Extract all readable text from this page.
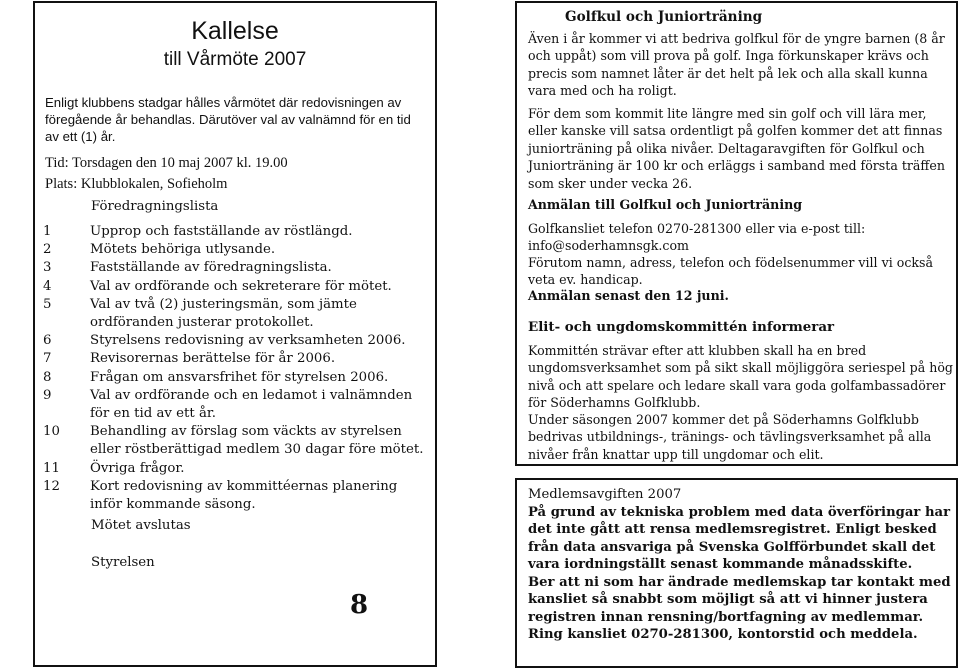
Kallelse
till Vårmöte 2007
Enligt klubbens stadgar hålles vårmötet där redovisningen av föregående år behandlas. Därutöver val av valnämnd för en tid av ett (1) år.
Tid: Torsdagen den 10 maj 2007 kl. 19.00
Plats: Klubblokalen, Sofieholm
Föredragningslista
1	Upprop och fastställande av röstlängd.
2	Mötets behöriga utlysande.
3	Fastställande av föredragningslista.
4	Val av ordförande och sekreterare för mötet.
5	Val av två (2) justeringsmän, som jämte ordföranden justerar protokollet.
6	Styrelsens redovisning av verksamheten 2006.
7	Revisorernas berättelse för år 2006.
8	Frågan om ansvarsfrihet för styrelsen 2006.
9	Val av ordförande och en ledamot i valnämnden för en tid av ett år.
10	Behandling av förslag som väckts av styrelsen eller röstberättigad medlem 30 dagar före mötet.
11	Övriga frågor.
12	Kort redovisning av kommittéernas planering inför kommande säsong.
Mötet avslutas
Styrelsen
8
Golfkul och Juniorträning
Även i år kommer vi att bedriva golfkul för de yngre barnen (8 år och uppåt) som vill prova på golf. Inga förkunskaper krävs och precis som namnet låter är det helt på lek och alla skall kunna vara med och ha roligt.
För dem som kommit lite längre med sin golf och vill lära mer, eller kanske vill satsa ordentligt på golfen kommer det att finnas juniorträning på olika nivåer. Deltagaravgiften för Golfkul och Juniorträning är 100 kr och erläggs i samband med första träffen som sker under vecka 26.
Anmälan till Golfkul och Juniorträning
Golfkansliet telefon 0270-281300 eller via e-post till: info@soderhamnsgk.com
Förutom namn, adress, telefon och födelsenummer vill vi också veta ev. handicap.
Anmälan senast den 12 juni.
Elit- och ungdomskommittén informerar
Kommittén strävar efter att klubben skall ha en bred ungdomsverksamhet som på sikt skall möjliggöra seriespel på hög nivå och att spelare och ledare skall vara goda golfambassadörer för Söderhamns Golfklubb.
Under säsongen 2007 kommer det på Söderhamns Golfklubb bedrivas utbildnings-, tränings- och tävlingsverksamhet på alla nivåer från knattar upp till ungdomar och elit.
Medlemsavgiften 2007
På grund av tekniska problem med data överföringar har det inte gått att rensa medlemsregistret. Enligt besked från data ansvariga på Svenska Golfförbundet skall det vara iordningställt senast kommande månadsskifte.
Ber att ni som har ändrade medlemskap tar kontakt med kansliet så snabbt som möjligt så att vi hinner justera registren innan rensning/bortfagning av medlemmar.
Ring kansliet 0270-281300, kontorstid och meddela.
